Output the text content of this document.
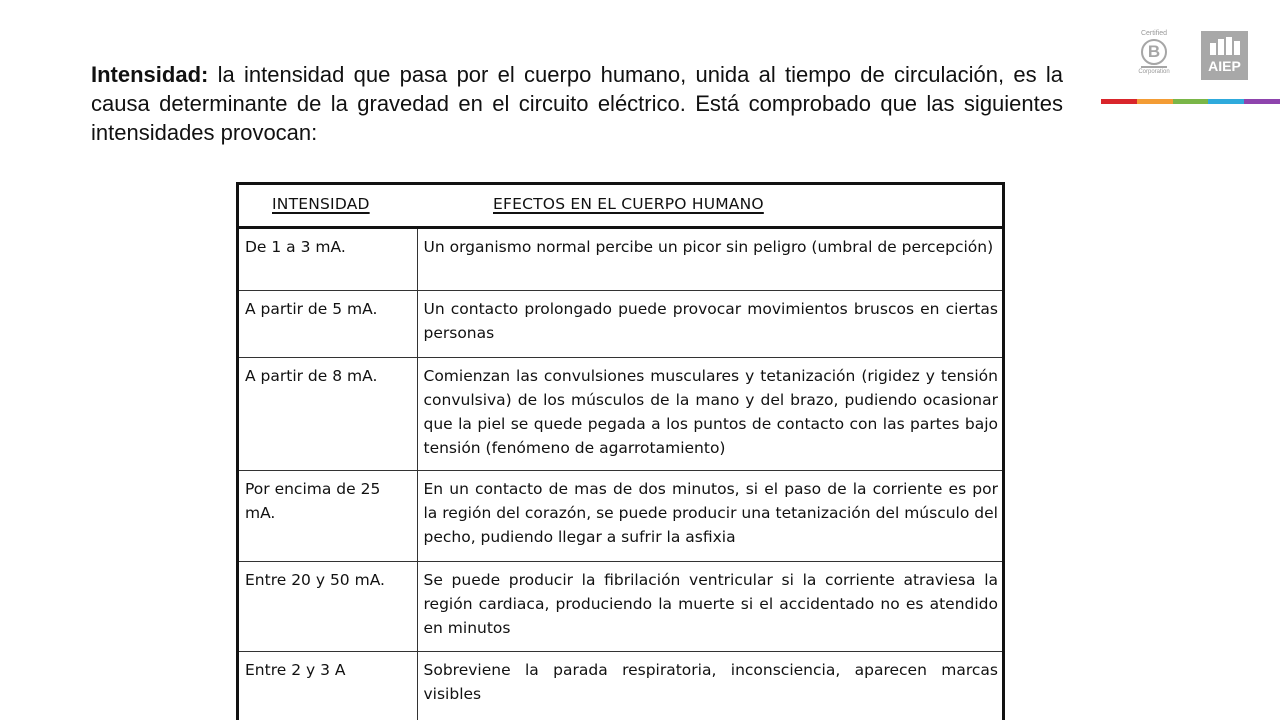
Intensidad: la intensidad que pasa por el cuerpo humano, unida al tiempo de circulación, es la causa determinante de la gravedad en el circuito eléctrico. Está comprobado que las siguientes intensidades provocan:

Certified
B
Corporation	AIEP
INTENSIDAD	EFECTOS EN EL CUERPO HUMANO
De 1 a 3 mA.	Un organismo normal percibe un picor sin peligro (umbral de percepción)
A partir de 5 mA.	Un contacto prolongado puede provocar movimientos bruscos en ciertas personas
A partir de 8 mA.	Comienzan las convulsiones musculares y tetanización (rigidez y tensión convulsiva) de los músculos de la mano y del brazo, pudiendo ocasionar que la piel se quede pegada a los puntos de contacto con las partes bajo tensión (fenómeno de agarrotamiento)
Por encima de 25 mA.	En un contacto de mas de dos minutos, si el paso de la corriente es por la región del corazón, se puede producir una tetanización del músculo del pecho, pudiendo llegar a sufrir la asfixia
Entre 20 y 50 mA.	Se puede producir la fibrilación ventricular si la corriente atraviesa la región cardiaca, produciendo la muerte si el accidentado no es atendido en minutos
Entre 2 y 3 A	Sobreviene la parada respiratoria, inconsciencia, aparecen marcas visibles
